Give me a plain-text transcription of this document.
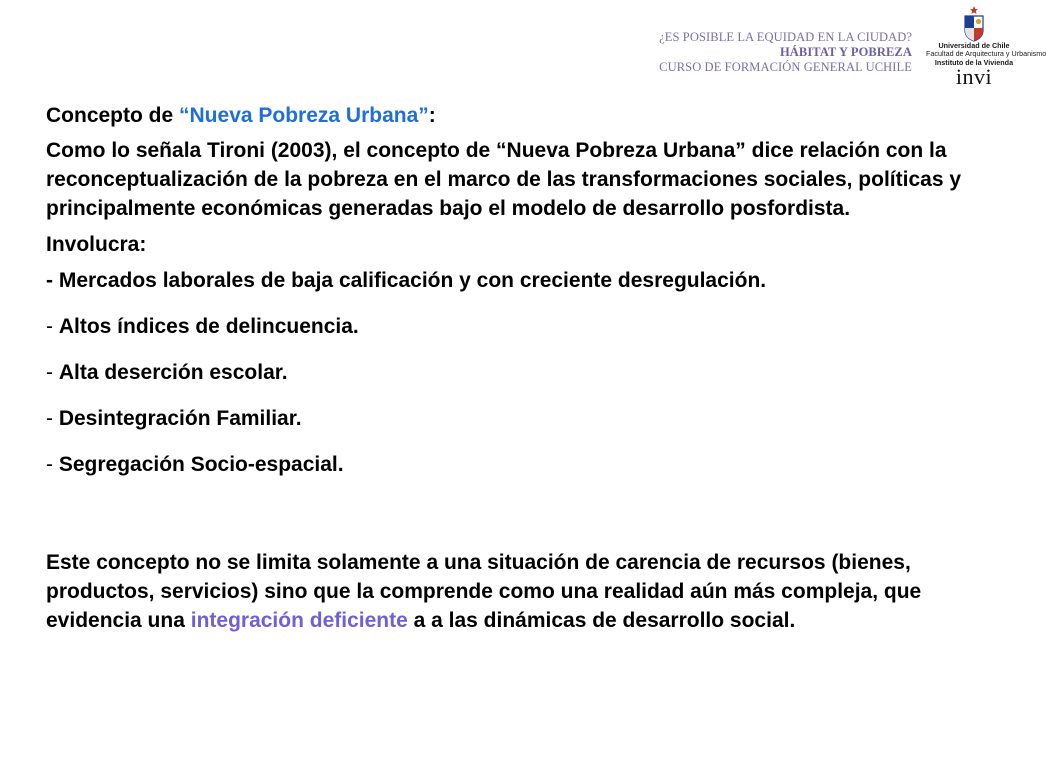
¿ES POSIBLE LA EQUIDAD EN LA CIUDAD?
HÁBITAT Y POBREZA
CURSO DE FORMACIÓN GENERAL UCHILE
Universidad de Chile
Facultad de Arquitectura y Urbanismo
Instituto de la Vivienda
invi

Concepto de “Nueva Pobreza Urbana”:

Como lo señala Tironi (2003), el concepto de “Nueva Pobreza Urbana” dice relación con la reconceptualización de la pobreza en el marco de las transformaciones sociales, políticas y principalmente económicas generadas bajo el modelo de desarrollo posfordista.

Involucra:

- Mercados laborales de baja calificación y con creciente desregulación.

- Altos índices de delincuencia.

- Alta deserción escolar.

- Desintegración Familiar.

- Segregación Socio-espacial.

Este concepto no se limita solamente a una situación de carencia de recursos (bienes, productos, servicios) sino que la comprende como una realidad aún más compleja, que evidencia una integración deficiente a a las dinámicas de desarrollo social.
